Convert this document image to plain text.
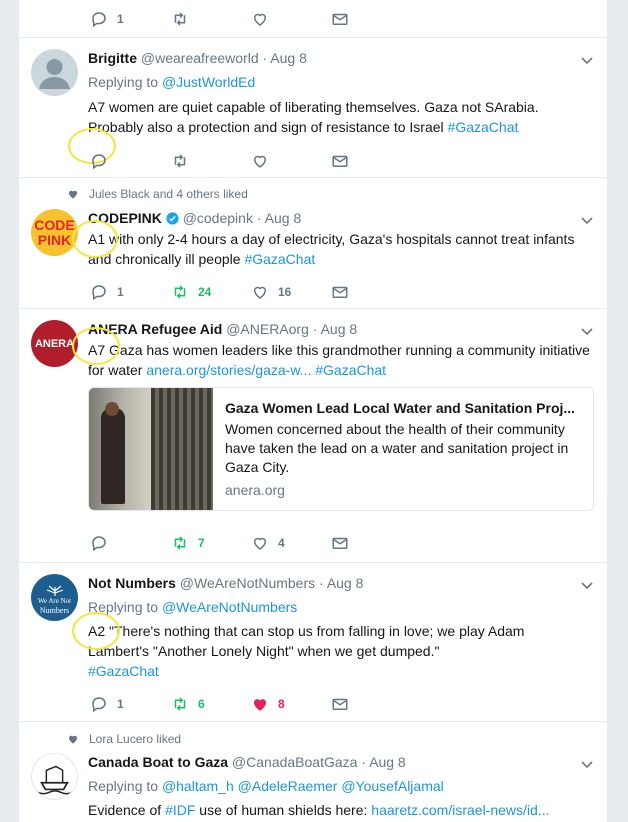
1
Brigitte @weareafreeworld · Aug 8
Replying to @JustWorldEd
A7 women are quiet capable of liberating themselves. Gaza not SArabia.
Probably also a protection and sign of resistance to Israel #GazaChat
Jules Black and 4 others liked
CODE
PINK
CODEPINK @codepink · Aug 8
A1 with only 2-4 hours a day of electricity, Gaza's hospitals cannot treat infants
and chronically ill people #GazaChat
1	24	16
ANERA
ANERA Refugee Aid @ANERAorg · Aug 8
A7 Gaza has women leaders like this grandmother running a community initiative
for water anera.org/stories/gaza-w... #GazaChat
Gaza Women Lead Local Water and Sanitation Proj...
Women concerned about the health of their community have taken the lead on a water and sanitation project in Gaza City.
anera.org
7	4
We Are Not
Numbers
Not Numbers @WeAreNotNumbers · Aug 8
Replying to @WeAreNotNumbers
A2 "There's nothing that can stop us from falling in love; we play Adam
Lambert's "Another Lonely Night" when we get dumped."
#GazaChat
1	6	8
Lora Lucero liked
Canada Boat to Gaza @CanadaBoatGaza · Aug 8
Replying to @haltam_h @AdeleRaemer @YousefAljamal
Evidence of #IDF use of human shields here: haaretz.com/israel-news/id...
